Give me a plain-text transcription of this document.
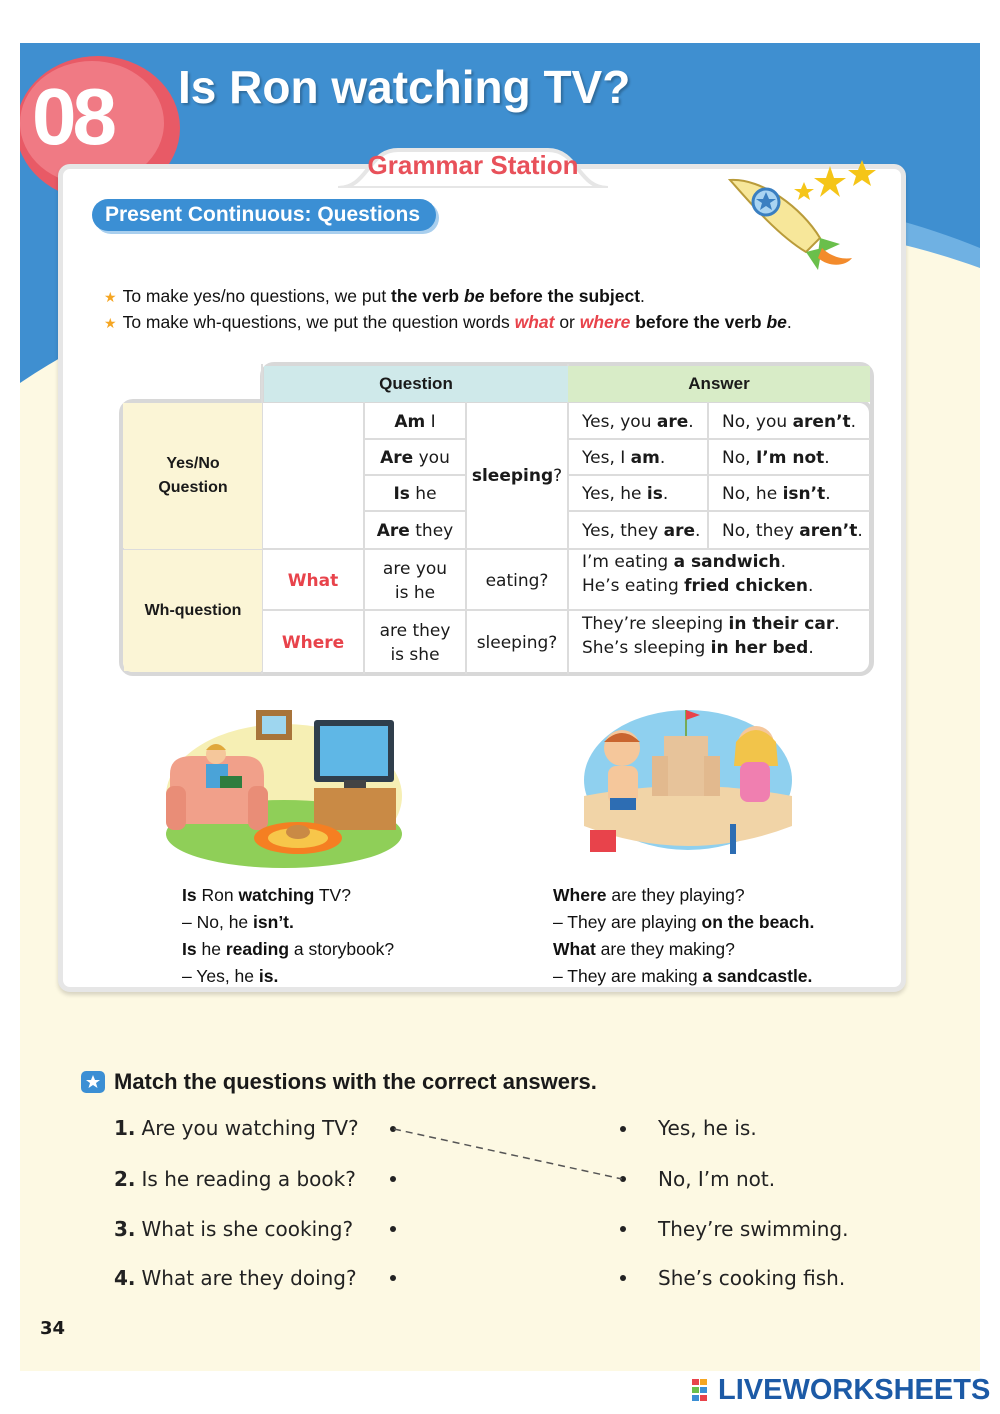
08 Is Ron watching TV?
Grammar Station
Present Continuous: Questions
★ To make yes/no questions, we put the verb be before the subject.
★ To make wh-questions, we put the question words what or where before the verb be.
Question	Answer
Yes/No Question
Wh-question
Am I
Are you
Is he
Are they
sleeping ?
Yes, you are .
Yes, I am .
Yes, he is .
Yes, they are .
No, you aren’t .
No, I’m not .
No, he isn’t .
No, they aren’t .
What
are you
is he
eating?
I’m eating a sandwich.
He’s eating fried chicken.
Where
are they
is she
sleeping?
They’re sleeping in their car.
She’s sleeping in her bed.
Is Ron watching TV?
– No, he isn’t.
Is he reading a storybook?
– Yes, he is.
Where are they playing?
– They are playing on the beach.
What are they making?
– They are making a sandcastle.
Match the questions with the correct answers.
1. Are you watching TV?
2. Is he reading a book?
3. What is she cooking?
4. What are they doing?
Yes, he is.
No, I’m not.
They’re swimming.
She’s cooking fish.
34
LIVEWORKSHEETS
